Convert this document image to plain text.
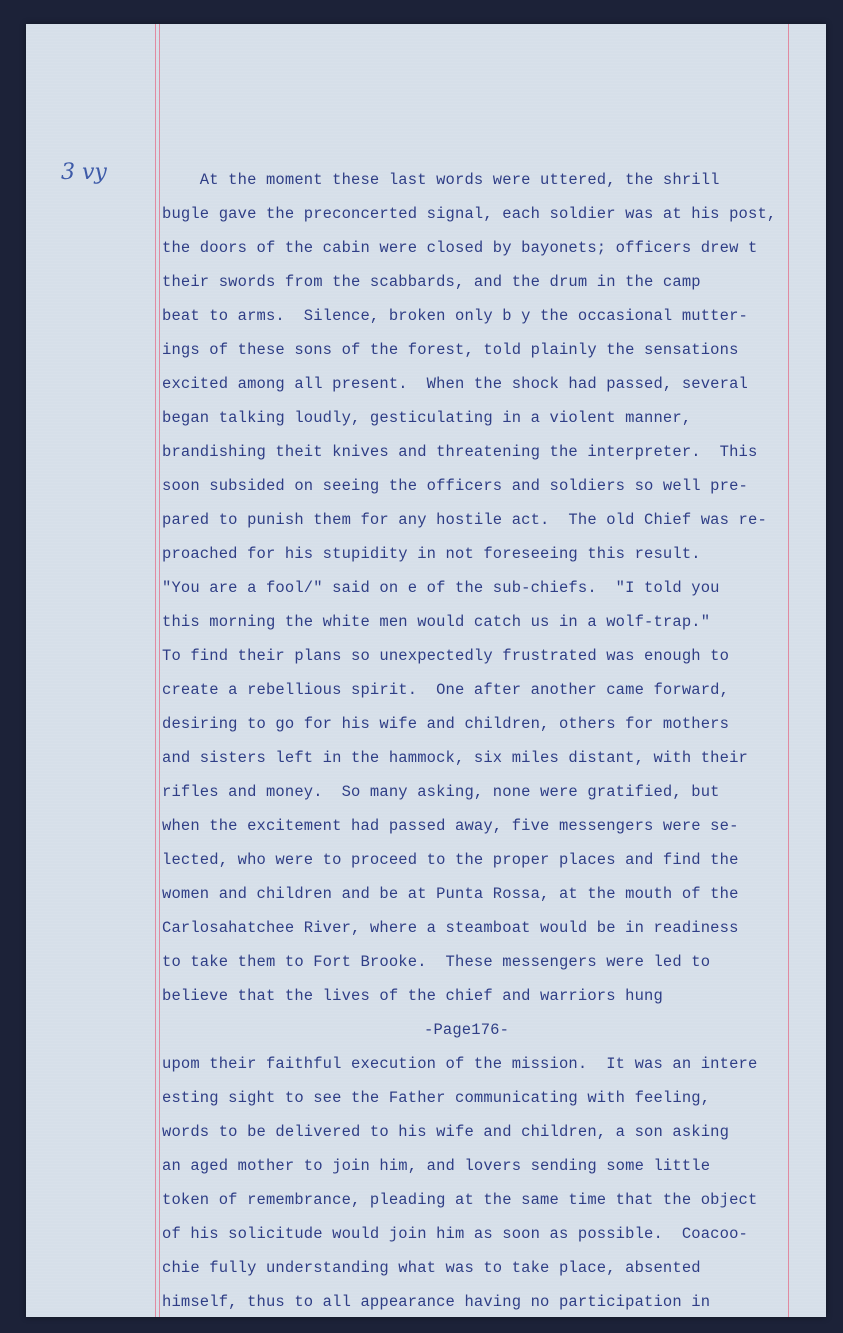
3 vy	At the moment these last words were uttered, the shrill
bugle gave the preconcerted signal, each soldier was at his post,
the doors of the cabin were closed by bayonets; officers drew t
their swords from the scabbards, and the drum in the camp
beat to arms.  Silence, broken only b y the occasional mutter-
ings of these sons of the forest, told plainly the sensations
excited among all present.  When the shock had passed, several
began talking loudly, gesticulating in a violent manner,
brandishing theit knives and threatening the interpreter.  This
soon subsided on seeing the officers and soldiers so well pre-
pared to punish them for any hostile act.  The old Chief was re-
proached for his stupidity in not foreseeing this result.
"You are a fool/" said on e of the sub-chiefs.  "I told you
this morning the white men would catch us in a wolf-trap."
To find their plans so unexpectedly frustrated was enough to
create a rebellious spirit.  One after another came forward,
desiring to go for his wife and children, others for mothers
and sisters left in the hammock, six miles distant, with their
rifles and money.  So many asking, none were gratified, but
when the excitement had passed away, five messengers were se-
lected, who were to proceed to the proper places and find the
women and children and be at Punta Rossa, at the mouth of the
Carlosahatchee River, where a steamboat would be in readiness
to take them to Fort Brooke.  These messengers were led to
believe that the lives of the chief and warriors hung
-Page176-
upom their faithful execution of the mission.  It was an intere
esting sight to see the Father communicating with feeling,
words to be delivered to his wife and children, a son asking
an aged mother to join him, and lovers sending some little
token of remembrance, pleading at the same time that the object
of his solicitude would join him as soon as possible.  Coacoo-
chie fully understanding what was to take place, absented
himself, thus to all appearance having no participation in
